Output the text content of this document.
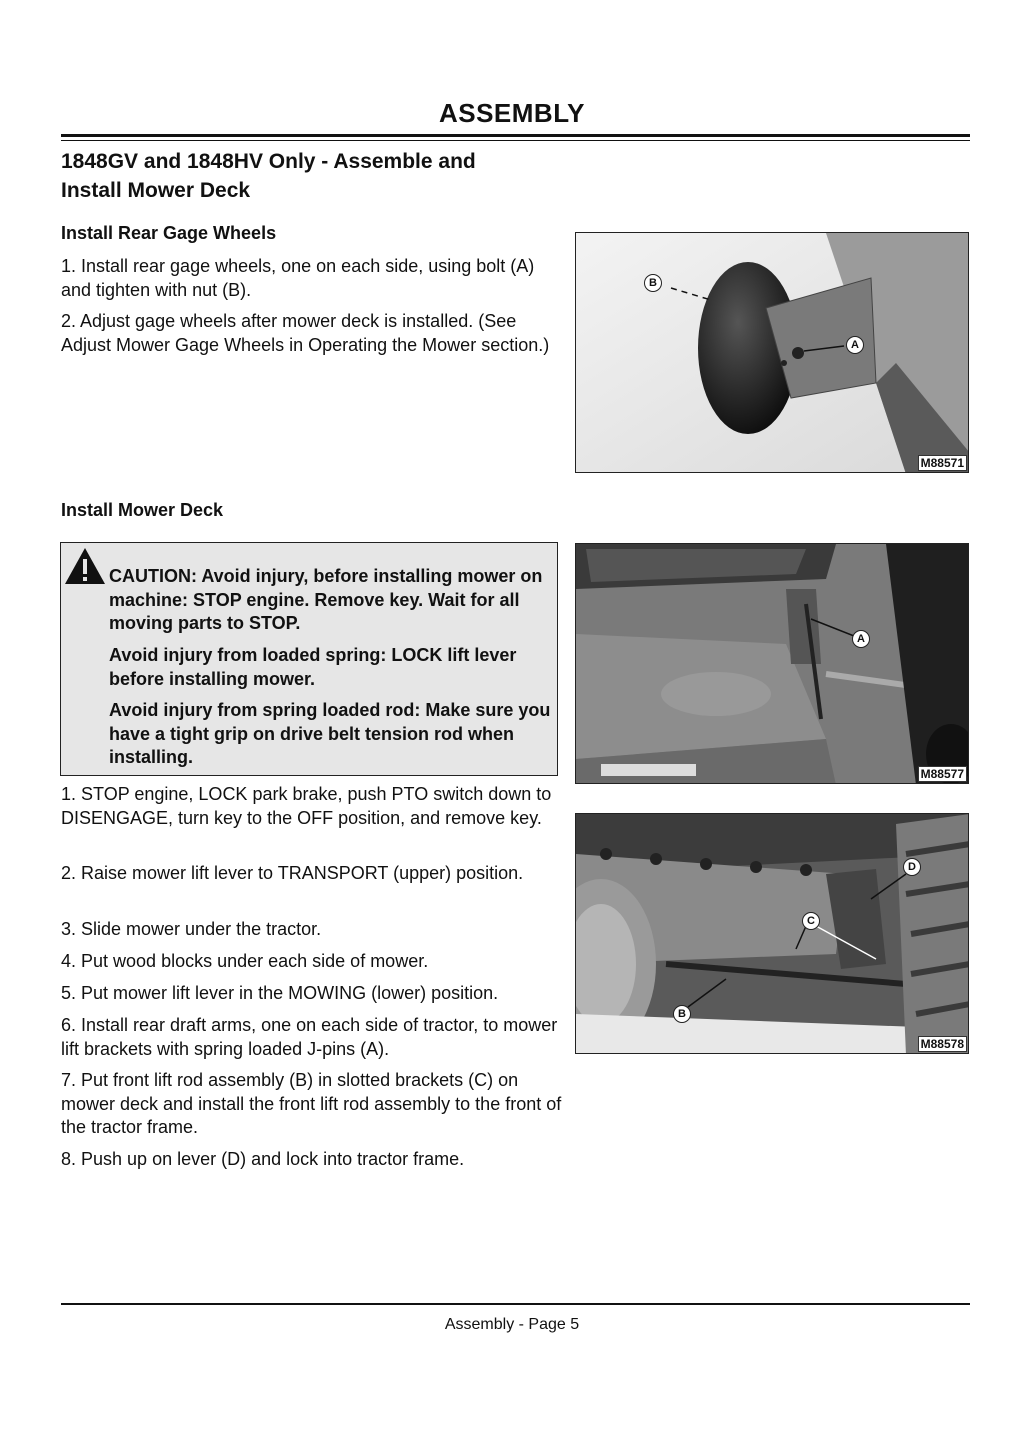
ASSEMBLY
1848GV and 1848HV Only - Assemble and
Install Mower Deck
Install Rear Gage Wheels

1. Install rear gage wheels, one on each side, using bolt (A) and tighten with nut (B).

2. Adjust gage wheels after mower deck is installed. (See Adjust Mower Gage Wheels in Operating the Mower section.)

B
A
M88571
Install Mower Deck

CAUTION: Avoid injury, before installing mower on machine: STOP engine. Remove key. Wait for all moving parts to STOP.

Avoid injury from loaded spring: LOCK lift lever before installing mower.

Avoid injury from spring loaded rod: Make sure you have a tight grip on drive belt tension rod when installing.

1. STOP engine, LOCK park brake, push PTO switch down to DISENGAGE, turn key to the OFF position, and remove key.

2. Raise mower lift lever to TRANSPORT (upper) position.

3. Slide mower under the tractor.

4. Put wood blocks under each side of mower.

5. Put mower lift lever in the MOWING (lower) position.

6. Install rear draft arms, one on each side of tractor, to mower lift brackets with spring loaded J-pins (A).

7. Put front lift rod assembly (B) in slotted brackets (C) on mower deck and install the front lift rod assembly to the front of the tractor frame.

8. Push up on lever (D) and lock into tractor frame.

A
M88577
D
C
B
M88578
Assembly - Page 5
